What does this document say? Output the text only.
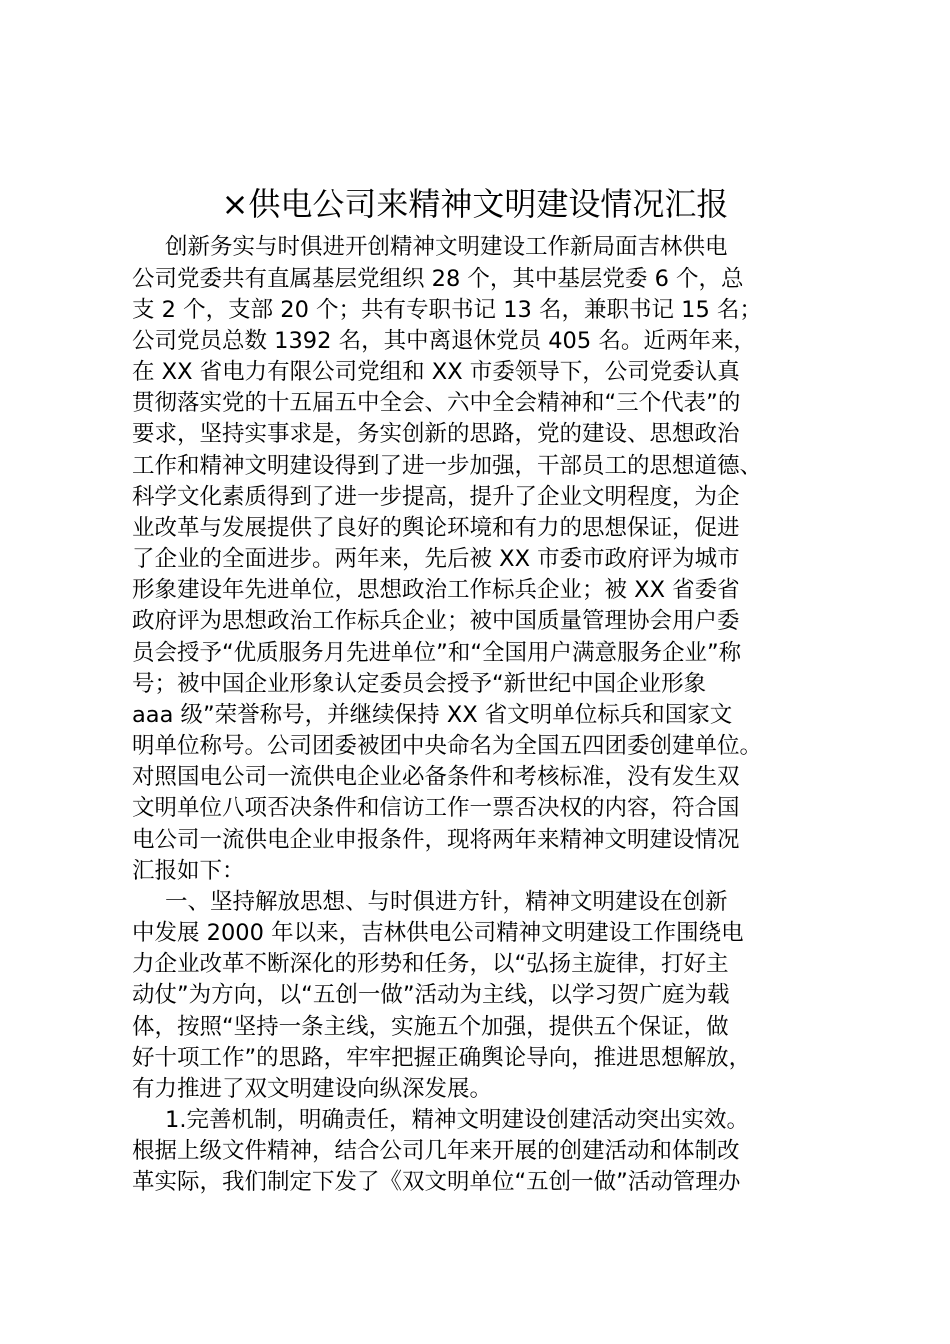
×供电公司来精神文明建设情况汇报
创新务实与时俱进开创精神文明建设工作新局面吉林供电
公司党委共有直属基层党组织 28 个，其中基层党委 6 个，总
支 2 个，支部 20 个；共有专职书记 13 名，兼职书记 15 名；
公司党员总数 1392 名，其中离退休党员 405 名。近两年来，
在 XX 省电力有限公司党组和 XX 市委领导下，公司党委认真
贯彻落实党的十五届五中全会、六中全会精神和“三个代表”的
要求，坚持实事求是，务实创新的思路，党的建设、思想政治
工作和精神文明建设得到了进一步加强，干部员工的思想道德、
科学文化素质得到了进一步提高，提升了企业文明程度，为企
业改革与发展提供了良好的舆论环境和有力的思想保证，促进
了企业的全面进步。两年来，先后被 XX 市委市政府评为城市
形象建设年先进单位，思想政治工作标兵企业；被 XX 省委省
政府评为思想政治工作标兵企业；被中国质量管理协会用户委
员会授予“优质服务月先进单位”和“全国用户满意服务企业”称
号；被中国企业形象认定委员会授予“新世纪中国企业形象
aaa 级”荣誉称号，并继续保持 XX 省文明单位标兵和国家文
明单位称号。公司团委被团中央命名为全国五四团委创建单位。
对照国电公司一流供电企业必备条件和考核标准，没有发生双
文明单位八项否决条件和信访工作一票否决权的内容，符合国
电公司一流供电企业申报条件，现将两年来精神文明建设情况
汇报如下：
一、坚持解放思想、与时俱进方针，精神文明建设在创新
中发展 2000 年以来，吉林供电公司精神文明建设工作围绕电
力企业改革不断深化的形势和任务，以“弘扬主旋律，打好主
动仗”为方向，以“五创一做”活动为主线，以学习贺广庭为载
体，按照“坚持一条主线，实施五个加强，提供五个保证，做
好十项工作”的思路，牢牢把握正确舆论导向，推进思想解放，
有力推进了双文明建设向纵深发展。
1.完善机制，明确责任，精神文明建设创建活动突出实效。
根据上级文件精神，结合公司几年来开展的创建活动和体制改
革实际，我们制定下发了《双文明单位“五创一做”活动管理办
